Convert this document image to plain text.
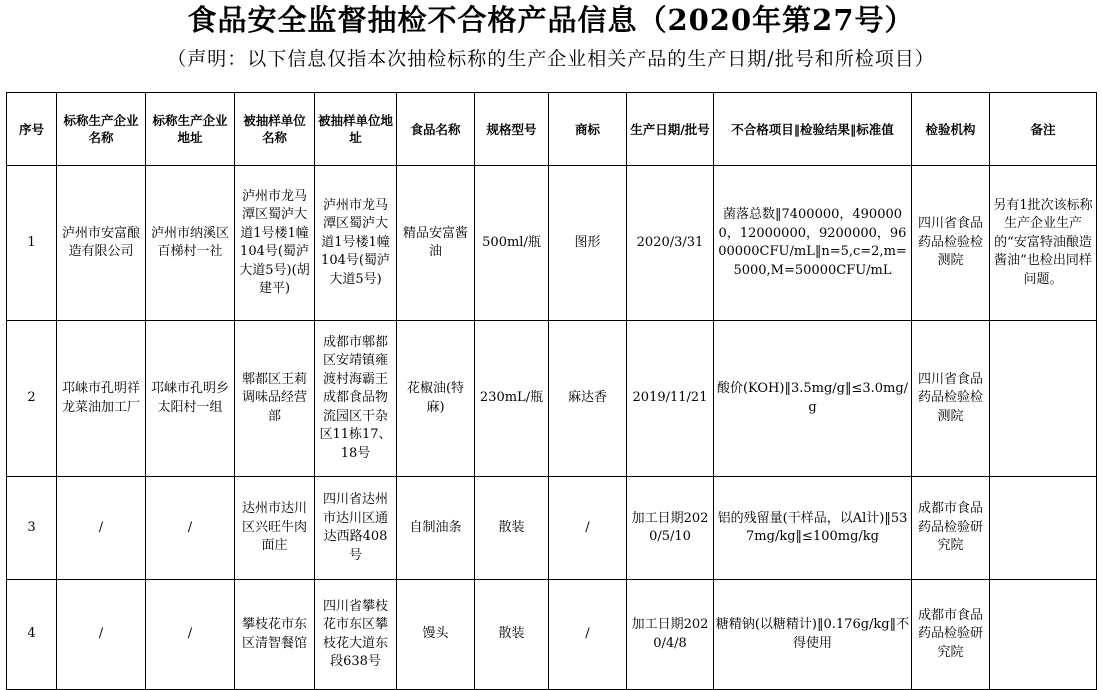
食品安全监督抽检不合格产品信息（2020年第27号）
（声明：以下信息仅指本次抽检标称的生产企业相关产品的生产日期/批号和所检项目）
序号	标称生产企业名称	标称生产企业地址	被抽样单位名称	被抽样单位地址	食品名称	规格型号	商标	生产日期/批号	不合格项目‖检验结果‖标准值	检验机构	备注
1	泸州市安富酿造有限公司	泸州市纳溪区百梯村一社	泸州市龙马潭区蜀泸大道1号楼1幢104号(蜀泸大道5号)(胡建平)	泸州市龙马潭区蜀泸大道1号楼1幢104号(蜀泸大道5号)	精品安富酱油	500ml/瓶	图形	2020/3/31	菌落总数‖7400000，4900000，12000000，9200000，9600000CFU/mL‖n=5,c=2,m=5000,M=50000CFU/mL	四川省食品药品检验检测院	另有1批次该标称生产企业生产的“安富特油酿造酱油”也检出同样问题。
2	邛崃市孔明祥龙菜油加工厂	邛崃市孔明乡太阳村一组	郫都区王莉调味品经营部	成都市郫都区安靖镇雍渡村海霸王成都食品物流园区干杂区11栋17、18号	花椒油(特麻)	230mL/瓶	麻达香	2019/11/21	酸价(KOH)‖3.5mg/g‖≤3.0mg/g	四川省食品药品检验检测院	
3	/	/	达州市达川区兴旺牛肉面庄	四川省达州市达川区通达西路408号	自制油条	散装	/	加工日期2020/5/10	铝的残留量(干样品，以Al计)‖537mg/kg‖≤100mg/kg	成都市食品药品检验研究院	
4	/	/	攀枝花市东区清智餐馆	四川省攀枝花市东区攀枝花大道东段638号	馒头	散装	/	加工日期2020/4/8	糖精钠(以糖精计)‖0.176g/kg‖不得使用	成都市食品药品检验研究院	
